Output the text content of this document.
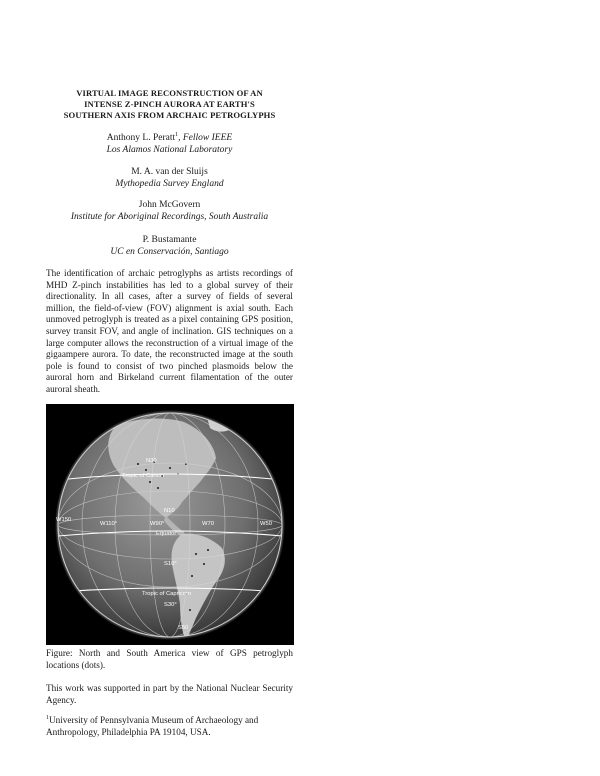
VIRTUAL IMAGE RECONSTRUCTION OF AN
INTENSE Z-PINCH AURORA AT EARTH'S
SOUTHERN AXIS FROM ARCHAIC PETROGLYPHS
Anthony L. Peratt$^1$, Fellow IEEE
Los Alamos National Laboratory
M. A. van der Sluijs
Mythopedia Survey England
John McGovern
Institute for Aboriginal Recordings, South Australia
P. Bustamante
UC en Conservación, Santiago
The identification of archaic petroglyphs as artists recordings of MHD Z-pinch instabilities has led to a global survey of their directionality. In all cases, after a survey of fields of several million, the field-of-view (FOV) alignment is axial south. Each unmoved petroglyph is treated as a pixel containing GPS position, survey transit FOV, and angle of inclination. GIS techniques on a large computer allows the reconstruction of a virtual image of the gigaampere aurora. To date, the reconstructed image at the south pole is found to consist of two pinched plasmoids below the auroral horn and Birkeland current filamentation of the outer auroral sheath.
N30
Tropic of Cancer
W150
W110°	W90°	W70	W50
N10
Equator
S10°
Tropic of Capricorn
S30°
S50
Figure: North and South America view of GPS petroglyph locations (dots).
This work was supported in part by the National Nuclear Security Agency.
$^1$University of Pennsylvania Museum of Archaeology and Anthropology, Philadelphia PA 19104, USA.
